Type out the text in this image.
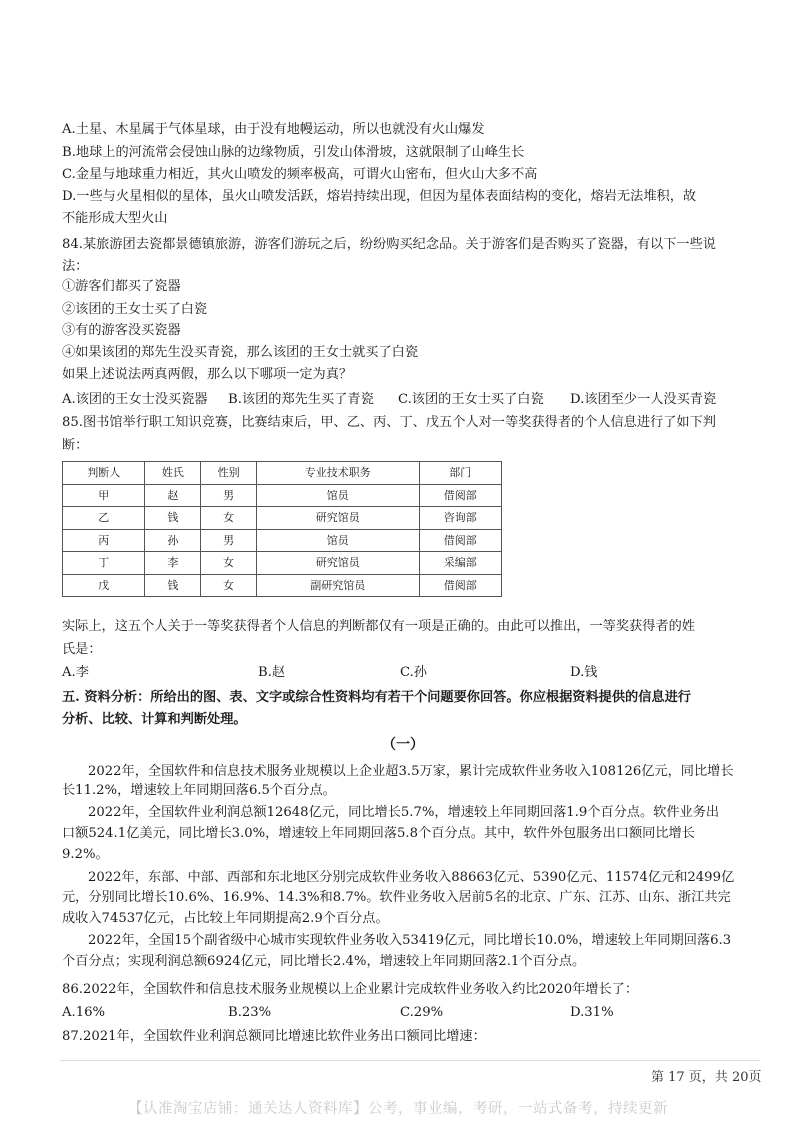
A.土星、木星属于气体星球，由于没有地幔运动，所以也就没有火山爆发
B.地球上的河流常会侵蚀山脉的边缘物质，引发山体滑坡，这就限制了山峰生长
C.金星与地球重力相近，其火山喷发的频率极高，可谓火山密布，但火山大多不高
D.一些与火星相似的星体，虽火山喷发活跃，熔岩持续出现，但因为星体表面结构的变化，熔岩无法堆积，故
不能形成大型火山
84.某旅游团去瓷都景德镇旅游，游客们游玩之后，纷纷购买纪念品。关于游客们是否购买了瓷器，有以下一些说
法：
①游客们都买了瓷器
②该团的王女士买了白瓷
③有的游客没买瓷器
④如果该团的郑先生没买青瓷，那么该团的王女士就买了白瓷
如果上述说法两真两假，那么以下哪项一定为真？
A.该团的王女士没买瓷器 B.该团的郑先生买了青瓷 C.该团的王女士买了白瓷 D.该团至少一人没买青瓷
85.图书馆举行职工知识竞赛，比赛结束后，甲、乙、丙、丁、戊五个人对一等奖获得者的个人信息进行了如下判
断：
判断人	姓氏	性别	专业技术职务	部门
甲	赵	男	馆员	借阅部
乙	钱	女	研究馆员	咨询部
丙	孙	男	馆员	借阅部
丁	李	女	研究馆员	采编部
戊	钱	女	副研究馆员	借阅部
实际上，这五个人关于一等奖获得者个人信息的判断都仅有一项是正确的。由此可以推出，一等奖获得者的姓
氏是：
A.李	B.赵	C.孙	D.钱
五. 资料分析：所给出的图、表、文字或综合性资料均有若干个问题要你回答。你应根据资料提供的信息进行
分析、比较、计算和判断处理。
（一）
2022年，全国软件和信息技术服务业规模以上企业超3.5万家，累计完成软件业务收入108126亿元，同比增长
长11.2%，增速较上年同期回落6.5个百分点。
2022年，全国软件业利润总额12648亿元，同比增长5.7%，增速较上年同期回落1.9个百分点。软件业务出
口额524.1亿美元，同比增长3.0%，增速较上年同期回落5.8个百分点。其中，软件外包服务出口额同比增长
9.2%。
2022年，东部、中部、西部和东北地区分别完成软件业务收入88663亿元、5390亿元、11574亿元和2499亿
元，分别同比增长10.6%、16.9%、14.3%和8.7%。软件业务收入居前5名的北京、广东、江苏、山东、浙江共完
成收入74537亿元，占比较上年同期提高2.9个百分点。
2022年，全国15个副省级中心城市实现软件业务收入53419亿元，同比增长10.0%，增速较上年同期回落6.3
个百分点；实现利润总额6924亿元，同比增长2.4%，增速较上年同期回落2.1个百分点。
86.2022年，全国软件和信息技术服务业规模以上企业累计完成软件业务收入约比2020年增长了：
A.16%	B.23%	C.29%	D.31%
87.2021年，全国软件业利润总额同比增速比软件业务出口额同比增速：
第 17 页，共 20页
【认准淘宝店铺：通关达人资料库】公考，事业编，考研，一站式备考，持续更新
